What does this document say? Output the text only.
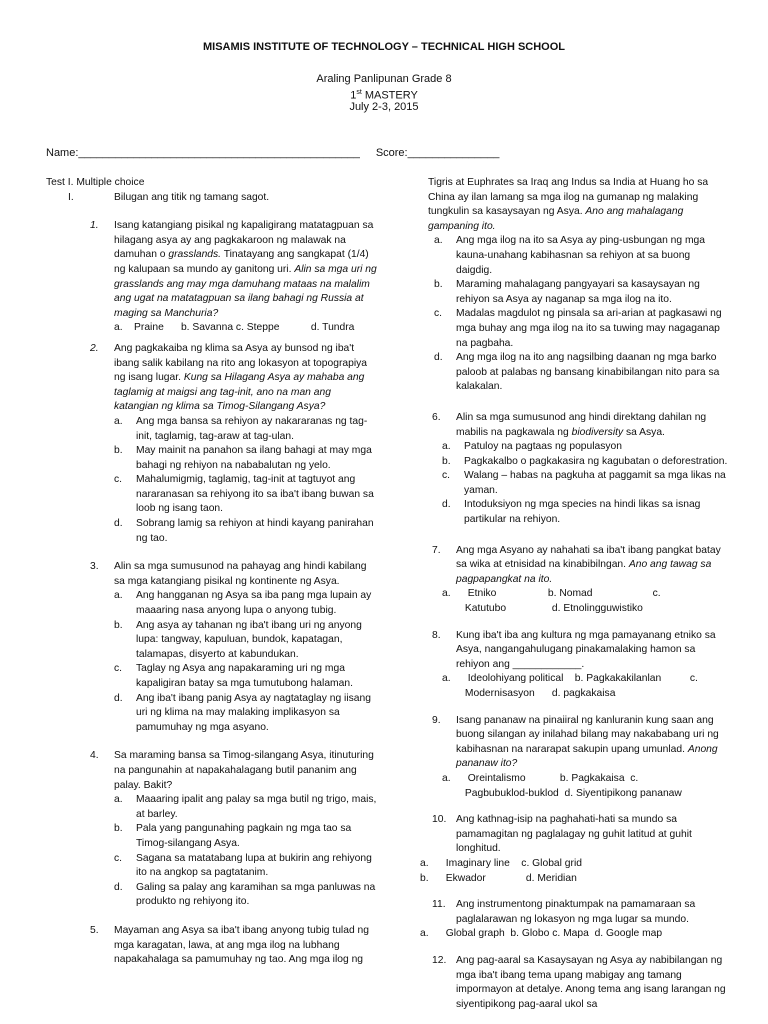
MISAMIS INSTITUTE OF TECHNOLOGY – TECHNICAL HIGH SCHOOL
Araling Panlipunan Grade 8
1st MASTERY
July 2-3, 2015
Name:______________________________________________ Score:_______________
Test I. Multiple choice
I.	Bilugan ang titik ng tamang sagot.
1. Isang katangiang pisikal ng kapaligirang matatagpuan sa hilagang asya ay ang pagkakaroon ng malawak na damuhan o grasslands. Tinatayang ang sangkapat (1/4) ng kalupaan sa mundo ay ganitong uri. Alin sa mga uri ng grasslands ang may mga damuhang mataas na malalim ang ugat na matatagpuan sa ilang bahagi ng Russia at maging sa Manchuria?

a.    Praine      b. Savanna c. Steppe           d. Tundra
2. Ang pagkakaiba ng klima sa Asya ay bunsod ng iba't ibang salik kabilang na rito ang lokasyon at topograpiya ng isang lugar. Kung sa Hilagang Asya ay mahaba ang taglamig at maigsi ang tag-init, ano na man ang katangian ng klima sa Timog-Silangang Asya?

a. Ang mga bansa sa rehiyon ay nakararanas ng tag-init, taglamig, tag-araw at tag-ulan.
b. May mainit na panahon sa ilang bahagi at may mga bahagi ng rehiyon na nababalutan ng yelo.
c. Mahalumigmig, taglamig, tag-init at tagtuyot ang nararanasan sa rehiyong ito sa iba't ibang buwan sa loob ng isang taon.
d. Sobrang lamig sa rehiyon at hindi kayang panirahan ng tao.
3. Alin sa mga sumusunod na pahayag ang hindi kabilang sa mga katangiang pisikal ng kontinente ng Asya.

a. Ang hangganan ng Asya sa iba pang mga lupain ay maaaring nasa anyong lupa o anyong tubig.
b. Ang asya ay tahanan ng iba't ibang uri ng anyong lupa: tangway, kapuluan, bundok, kapatagan, talamapas, disyerto at kabundukan.
c. Taglay ng Asya ang napakaraming uri ng mga kapaligiran batay sa mga tumutubong halaman.
d. Ang iba't ibang panig Asya ay nagtataglay ng iisang uri ng klima na may malaking implikasyon sa pamumuhay ng mga asyano.
4. Sa maraming bansa sa Timog-silangang Asya, itinuturing na pangunahin at napakahalagang butil pananim ang palay. Bakit?

a. Maaaring ipalit ang palay sa mga butil ng trigo, mais, at barley.
b. Pala yang pangunahing pagkain ng mga tao sa Timog-silangang Asya.
c. Sagana sa matatabang lupa at bukirin ang rehiyong ito na angkop sa pagtatanim.
d. Galing sa palay ang karamihan sa mga panluwas na produkto ng rehiyong ito.
5. Mayaman ang Asya sa iba't ibang anyong tubig tulad ng mga karagatan, lawa, at ang mga ilog na lubhang napakahalaga sa pamumuhay ng tao. Ang mga ilog ng

Tigris at Euphrates sa Iraq ang Indus sa India at Huang ho sa China ay ilan lamang sa mga ilog na gumanap ng malaking tungkulin sa kasaysayan ng Asya. Ano ang mahalagang gampaning ito.

a. Ang mga ilog na ito sa Asya ay ping-usbungan ng mga kauna-unahang kabihasnan sa rehiyon at sa buong daigdig.
b. Maraming mahalagang pangyayari sa kasaysayan ng rehiyon sa Asya ay naganap sa mga ilog na ito.
c. Madalas magdulot ng pinsala sa ari-arian at pagkasawi ng mga buhay ang mga ilog na ito sa tuwing may nagaganap na pagbaha.
d. Ang mga ilog na ito ang nagsilbing daanan ng mga barko paloob at palabas ng bansang kinabibilangan nito para sa kalakalan.
6. Alin sa mga sumusunod ang hindi direktang dahilan ng mabilis na pagkawala ng biodiversity sa Asya.

a. Patuloy na pagtaas ng populasyon
b. Pagkakalbo o pagkakasira ng kagubatan o deforestration.
c. Walang – habas na pagkuha at paggamit sa mga likas na yaman.
d. Intoduksiyon ng mga species na hindi likas sa isnag partikular na rehiyon.
7. Ang mga Asyano ay nahahati sa iba't ibang pangkat batay sa wika at etnisidad na kinabibilngan. Ano ang tawag sa pagpapangkat na ito.

a.      Etniko                  b. Nomad                     c.
Katutubo                d. Etnolingguwistiko
8. Kung iba't iba ang kultura ng mga pamayanang etniko sa Asya, nangangahulugang pinakamalaking hamon sa rehiyon ang ____________.

a.      Ideolohiyang political    b. Pagkakakilanlan          c.
Modernisasyon      d. pagkakaisa
9. Isang pananaw na pinaiiral ng kanluranin kung saan ang buong silangan ay inilahad bilang may nakababang uri ng kabihasnan na nararapat sakupin upang umunlad. Anong pananaw ito?

a.      Oreintalismo            b. Pagkakaisa  c.
Pagbubuklod-buklod  d. Siyentipikong pananaw
10. Ang kathnag-isip na paghahati-hati sa mundo sa pamamagitan ng paglalagay ng guhit latitud at guhit longhitud.

a.      Imaginary line    c. Global grid
b.      Ekwador              d. Meridian
11. Ang instrumentong pinaktumpak na pamamaraan sa paglalarawan ng lokasyon ng mga lugar sa mundo.

a.      Global graph  b. Globo c. Mapa  d. Google map
12. Ang pag-aaral sa Kasaysayan ng Asya ay nabibilangan ng mga iba't ibang tema upang mabigay ang tamang impormayon at detalye. Anong tema ang isang larangan ng siyentipikong pag-aaral ukol sa
